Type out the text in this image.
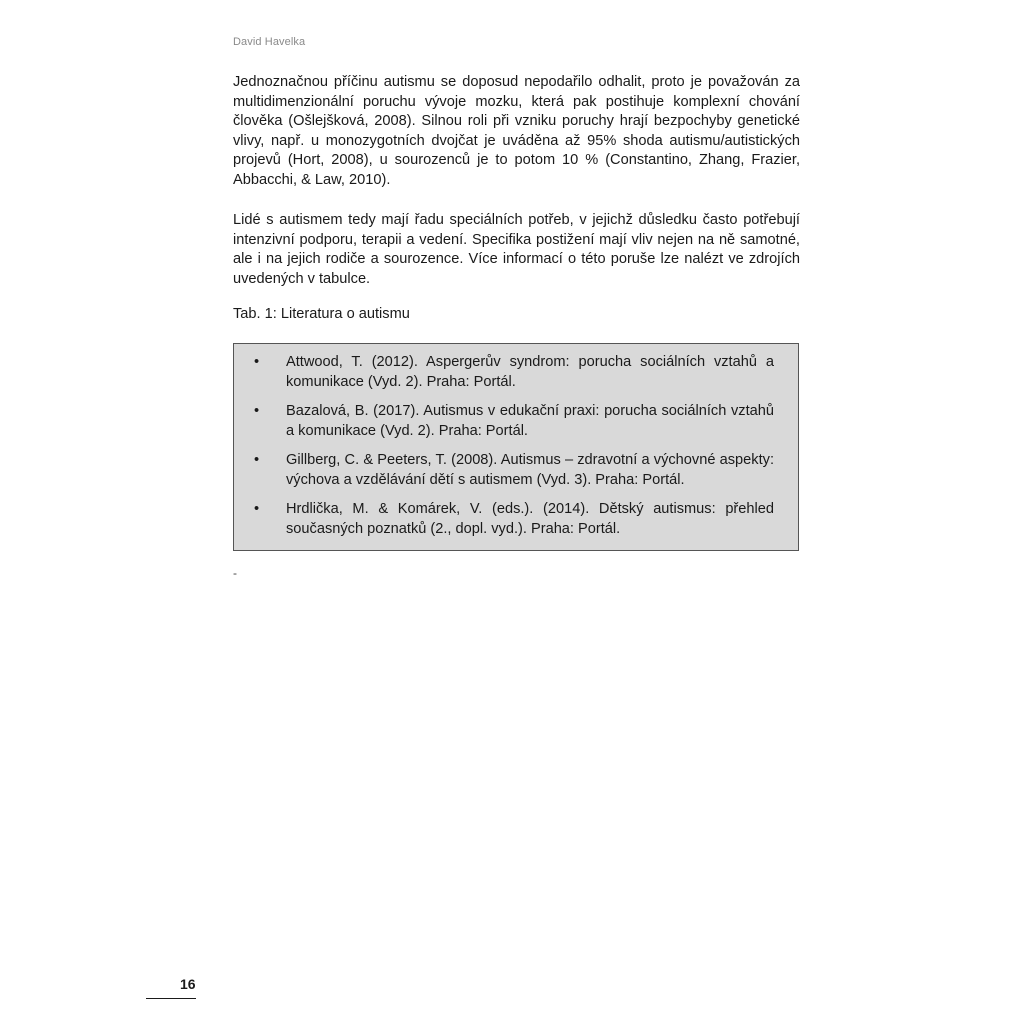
David Havelka

Jednoznačnou příčinu autismu se doposud nepodařilo odhalit, proto je považován za multidimenzionální poruchu vývoje mozku, která pak postihuje komplexní chování člověka (Ošlejšková, 2008). Silnou roli při vzniku poruchy hrají bezpochyby genetické vlivy, např. u monozygotních dvojčat je uváděna až 95% shoda autismu/autistických projevů (Hort, 2008), u sourozenců je to potom 10 % (Constantino, Zhang, Frazier, Abbacchi, & Law, 2010).

Lidé s autismem tedy mají řadu speciálních potřeb, v jejichž důsledku často potřebují intenzivní podporu, terapii a vedení. Specifika postižení mají vliv nejen na ně samotné, ale i na jejich rodiče a sourozence. Více informací o této poruše lze nalézt ve zdrojích uvedených v tabulce.

Tab. 1: Literatura o autismu
• Attwood, T. (2012). Aspergerův syndrom: porucha sociálních vztahů a komunikace (Vyd. 2). Praha: Portál.
• Bazalová, B. (2017). Autismus v edukační praxi: porucha sociálních vztahů a komunikace (Vyd. 2). Praha: Portál.
• Gillberg, C. & Peeters, T. (2008). Autismus – zdravotní a výchovné aspekty: výchova a vzdělávání dětí s autismem (Vyd. 3). Praha: Portál.
• Hrdlička, M. & Komárek, V. (eds.). (2014). Dětský autismus: přehled současných poznatků (2., dopl. vyd.). Praha: Portál.
-
16
